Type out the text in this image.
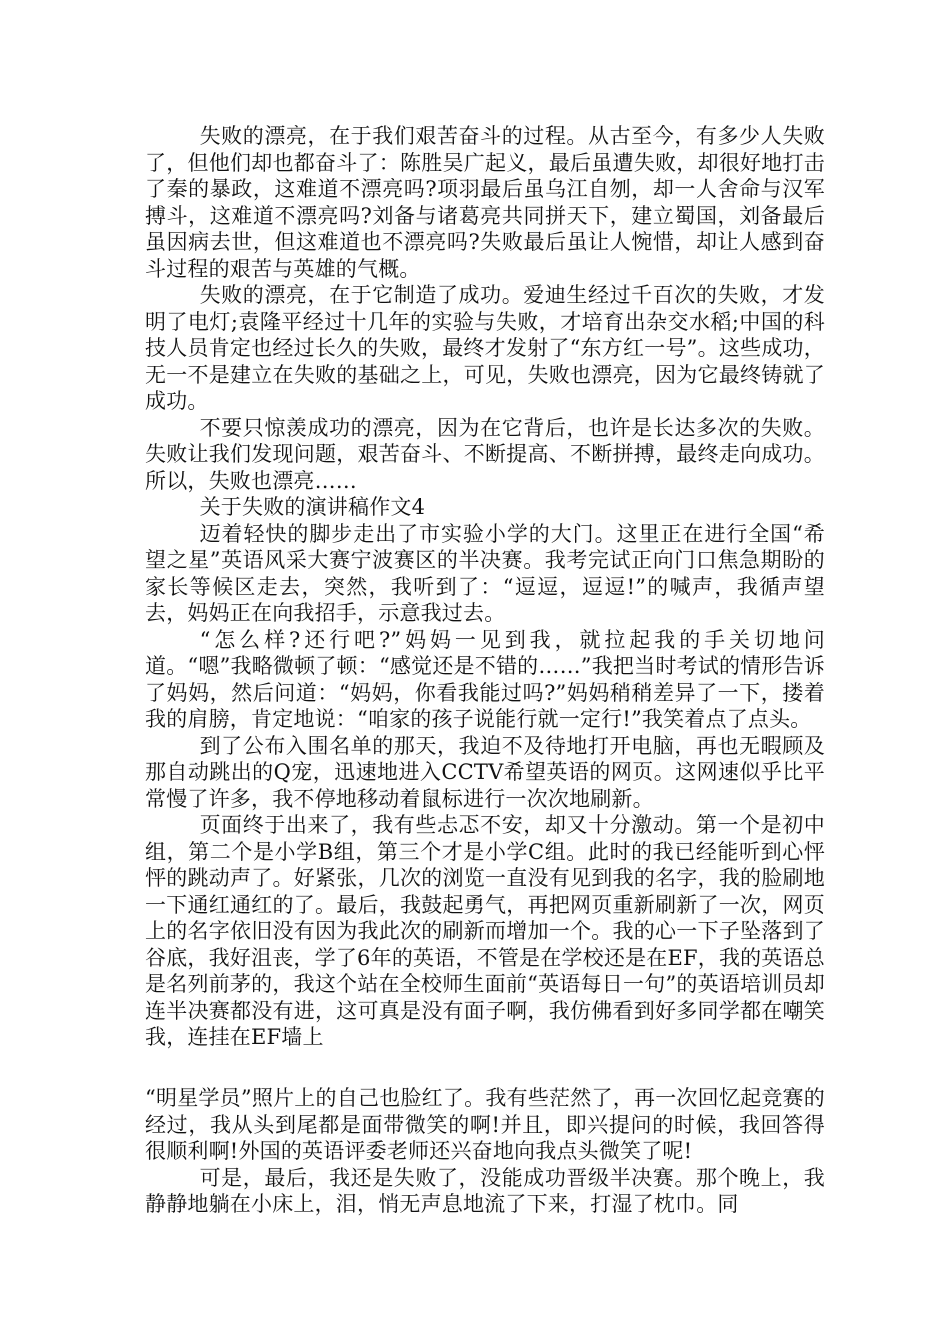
失败的漂亮，在于我们艰苦奋斗的过程。从古至今，有多少人失败了，但他们却也都奋斗了：陈胜吴广起义，最后虽遭失败，却很好地打击了秦的暴政，这难道不漂亮吗?项羽最后虽乌江自刎，却一人舍命与汉军搏斗，这难道不漂亮吗?刘备与诸葛亮共同拼天下，建立蜀国，刘备最后虽因病去世，但这难道也不漂亮吗?失败最后虽让人惋惜，却让人感到奋斗过程的艰苦与英雄的气概。

失败的漂亮，在于它制造了成功。爱迪生经过千百次的失败，才发明了电灯;袁隆平经过十几年的实验与失败，才培育出杂交水稻;中国的科技人员肯定也经过长久的失败，最终才发射了“东方红一号”。这些成功，无一不是建立在失败的基础之上，可见，失败也漂亮，因为它最终铸就了成功。

不要只惊羡成功的漂亮，因为在它背后，也许是长达多次的失败。失败让我们发现问题，艰苦奋斗、不断提高、不断拼搏，最终走向成功。所以，失败也漂亮……

关于失败的演讲稿作文4

迈着轻快的脚步走出了市实验小学的大门。这里正在进行全国“希望之星”英语风采大赛宁波赛区的半决赛。我考完试正向门口焦急期盼的家长等候区走去，突然，我听到了：“逗逗，逗逗!”的喊声，我循声望去，妈妈正在向我招手，示意我过去。

“怎么样?还行吧?”妈妈一见到我，就拉起我的手关切地问道。“嗯”我略微顿了顿：“感觉还是不错的……”我把当时考试的情形告诉了妈妈，然后问道：“妈妈，你看我能过吗?”妈妈稍稍差异了一下，搂着我的肩膀，肯定地说：“咱家的孩子说能行就一定行!”我笑着点了点头。

到了公布入围名单的那天，我迫不及待地打开电脑，再也无暇顾及那自动跳出的Q宠，迅速地进入CCTV希望英语的网页。这网速似乎比平常慢了许多，我不停地移动着鼠标进行一次次地刷新。

页面终于出来了，我有些忐忑不安，却又十分激动。第一个是初中组，第二个是小学B组，第三个才是小学C组。此时的我已经能听到心怦怦的跳动声了。好紧张，几次的浏览一直没有见到我的名字，我的脸刷地一下通红通红的了。最后，我鼓起勇气，再把网页重新刷新了一次，网页上的名字依旧没有因为我此次的刷新而增加一个。我的心一下子坠落到了谷底，我好沮丧，学了6年的英语，不管是在学校还是在EF，我的英语总是名列前茅的，我这个站在全校师生面前“英语每日一句”的英语培训员却连半决赛都没有进，这可真是没有面子啊，我仿佛看到好多同学都在嘲笑我，连挂在EF墙上

“明星学员”照片上的自己也脸红了。我有些茫然了，再一次回忆起竞赛的经过，我从头到尾都是面带微笑的啊!并且，即兴提问的时候，我回答得很顺利啊!外国的英语评委老师还兴奋地向我点头微笑了呢!

可是，最后，我还是失败了，没能成功晋级半决赛。那个晚上，我静静地躺在小床上，泪，悄无声息地流了下来，打湿了枕巾。同
